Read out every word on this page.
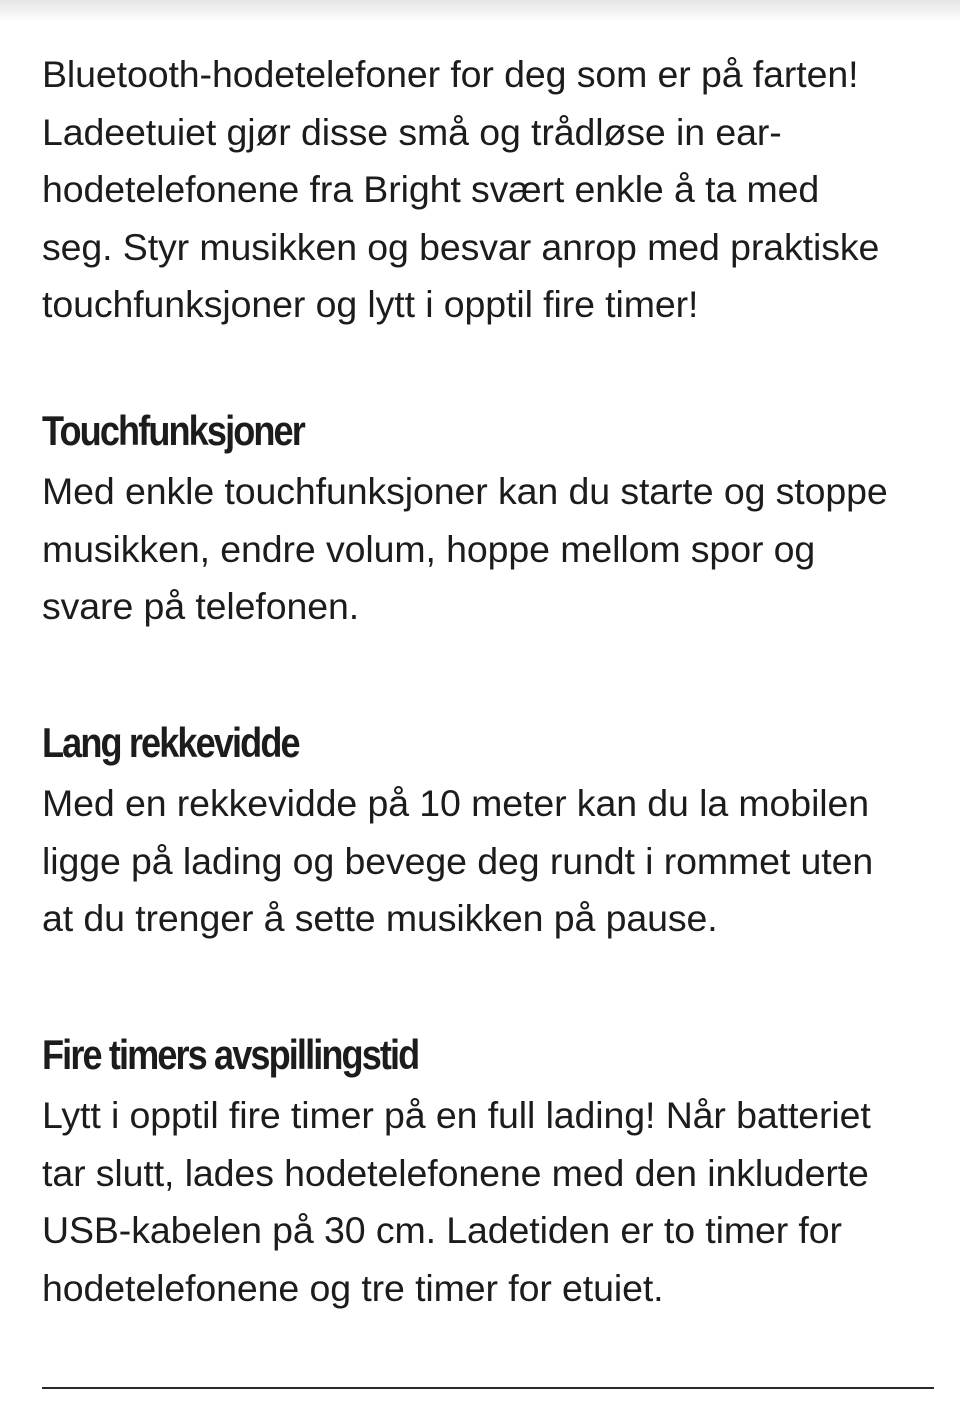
Bluetooth-hodetelefoner for deg som er på farten!
Ladeetuiet gjør disse små og trådløse in ear-
hodetelefonene fra Bright svært enkle å ta med
seg. Styr musikken og besvar anrop med praktiske
touchfunksjoner og lytt i opptil fire timer!

Touchfunksjoner

Med enkle touchfunksjoner kan du starte og stoppe
musikken, endre volum, hoppe mellom spor og
svare på telefonen.

Lang rekkevidde

Med en rekkevidde på 10 meter kan du la mobilen
ligge på lading og bevege deg rundt i rommet uten
at du trenger å sette musikken på pause.

Fire timers avspillingstid

Lytt i opptil fire timer på en full lading! Når batteriet
tar slutt, lades hodetelefonene med den inkluderte
USB-kabelen på 30 cm. Ladetiden er to timer for
hodetelefonene og tre timer for etuiet.
